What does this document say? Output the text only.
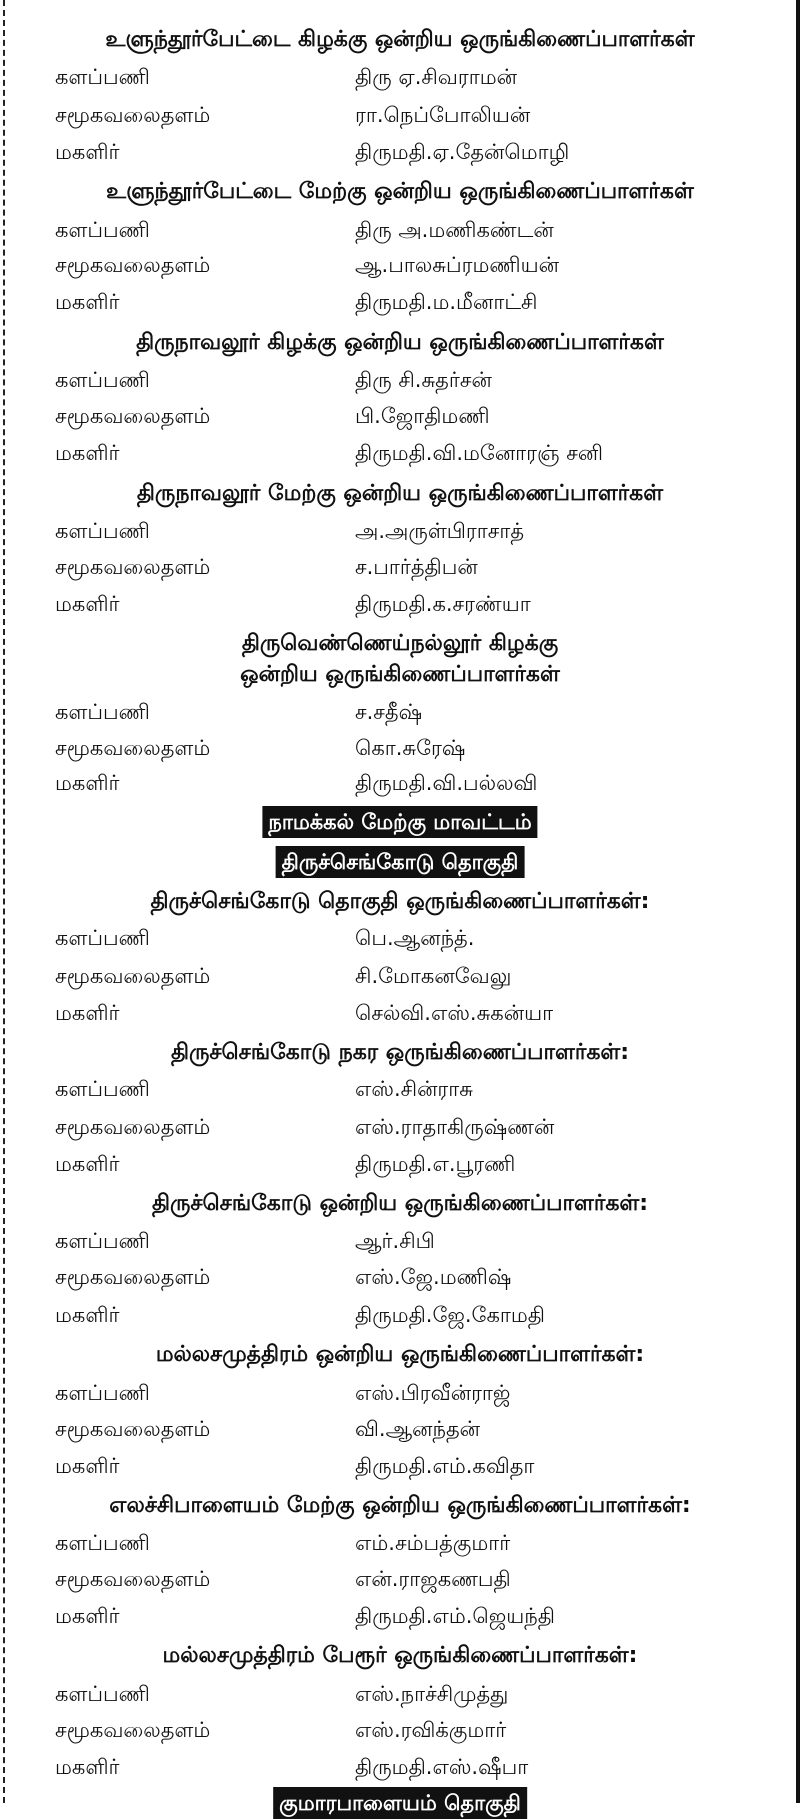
உளுந்தூர்பேட்டை கிழக்கு ஒன்றிய ஒருங்கிணைப்பாளர்கள்
களப்பணி	திரு ஏ.சிவராமன்
சமூகவலைதளம்	ரா.நெப்போலியன்
மகளிர்	திருமதி.ஏ.தேன்மொழி
உளுந்தூர்பேட்டை மேற்கு ஒன்றிய ஒருங்கிணைப்பாளர்கள்
களப்பணி	திரு அ.மணிகண்டன்
சமூகவலைதளம்	ஆ.பாலசுப்ரமணியன்
மகளிர்	திருமதி.ம.மீனாட்சி
திருநாவலூர் கிழக்கு ஒன்றிய ஒருங்கிணைப்பாளர்கள்
களப்பணி	திரு சி.சுதர்சன்
சமூகவலைதளம்	பி.ஜோதிமணி
மகளிர்	திருமதி.வி.மனோரஞ் சனி
திருநாவலூர் மேற்கு ஒன்றிய ஒருங்கிணைப்பாளர்கள்
களப்பணி	அ.அருள்பிராசாத்
சமூகவலைதளம்	ச.பார்த்திபன்
மகளிர்	திருமதி.க.சரண்யா
திருவெண்ணெய்நல்லூர் கிழக்கு ஒன்றிய ஒருங்கிணைப்பாளர்கள்
களப்பணி	ச.சதீஷ்
சமூகவலைதளம்	கொ.சுரேஷ்
மகளிர்	திருமதி.வி.பல்லவி
நாமக்கல் மேற்கு மாவட்டம்
திருச்செங்கோடு தொகுதி
திருச்செங்கோடு தொகுதி ஒருங்கிணைப்பாளர்கள்:
களப்பணி	பெ.ஆனந்த்.
சமூகவலைதளம்	சி.மோகனவேலு
மகளிர்	செல்வி.எஸ்.சுகன்யா
திருச்செங்கோடு நகர ஒருங்கிணைப்பாளர்கள்:
களப்பணி	எஸ்.சின்ராசு
சமூகவலைதளம்	எஸ்.ராதாகிருஷ்ணன்
மகளிர்	திருமதி.எ.பூரணி
திருச்செங்கோடு ஒன்றிய ஒருங்கிணைப்பாளர்கள்:
களப்பணி	ஆர்.சிபி
சமூகவலைதளம்	எஸ்.ஜே.மணிஷ்
மகளிர்	திருமதி.ஜே.கோமதி
மல்லசமுத்திரம் ஒன்றிய ஒருங்கிணைப்பாளர்கள்:
களப்பணி	எஸ்.பிரவீன்ராஜ்
சமூகவலைதளம்	வி.ஆனந்தன்
மகளிர்	திருமதி.எம்.கவிதா
எலச்சிபாளையம் மேற்கு ஒன்றிய ஒருங்கிணைப்பாளர்கள்:
களப்பணி	எம்.சம்பத்குமார்
சமூகவலைதளம்	என்.ராஜகணபதி
மகளிர்	திருமதி.எம்.ஜெயந்தி
மல்லசமுத்திரம் பேரூர் ஒருங்கிணைப்பாளர்கள்:
களப்பணி	எஸ்.நாச்சிமுத்து
சமூகவலைதளம்	எஸ்.ரவிக்குமார்
மகளிர்	திருமதி.எஸ்.ஷீபா
குமாரபாளையம் தொகுதி
